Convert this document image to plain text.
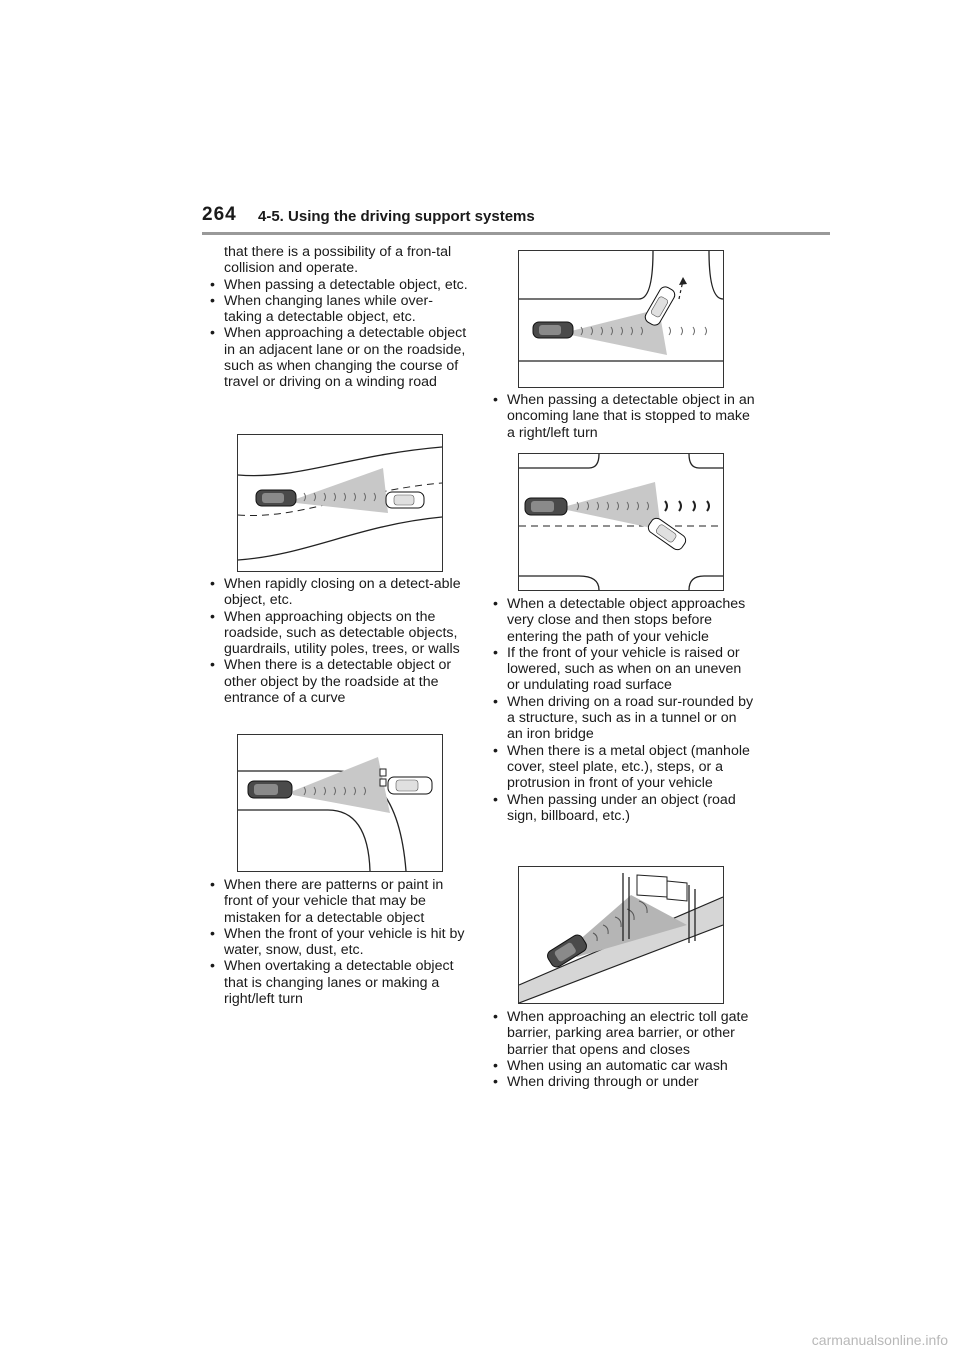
264 4-5. Using the driving support systems

that there is a possibility of a fron-tal collision and operate.

• When passing a detectable object, etc.
• When changing lanes while over-taking a detectable object, etc.
• When approaching a detectable object in an adjacent lane or on the roadside, such as when changing the course of travel or driving on a winding road
• When rapidly closing on a detect-able object, etc.
• When approaching objects on the roadside, such as detectable objects, guardrails, utility poles, trees, or walls
• When there is a detectable object or other object by the roadside at the entrance of a curve
• When there are patterns or paint in front of your vehicle that may be mistaken for a detectable object
• When the front of your vehicle is hit by water, snow, dust, etc.
• When overtaking a detectable object that is changing lanes or making a right/left turn
• When passing a detectable object in an oncoming lane that is stopped to make a right/left turn
• When a detectable object approaches very close and then stops before entering the path of your vehicle
• If the front of your vehicle is raised or lowered, such as when on an uneven or undulating road surface
• When driving on a road sur-rounded by a structure, such as in a tunnel or on an iron bridge
• When there is a metal object (manhole cover, steel plate, etc.), steps, or a protrusion in front of your vehicle
• When passing under an object (road sign, billboard, etc.)
• When approaching an electric toll gate barrier, parking area barrier, or other barrier that opens and closes
• When using an automatic car wash
• When driving through or under
carmanualsonline.info
